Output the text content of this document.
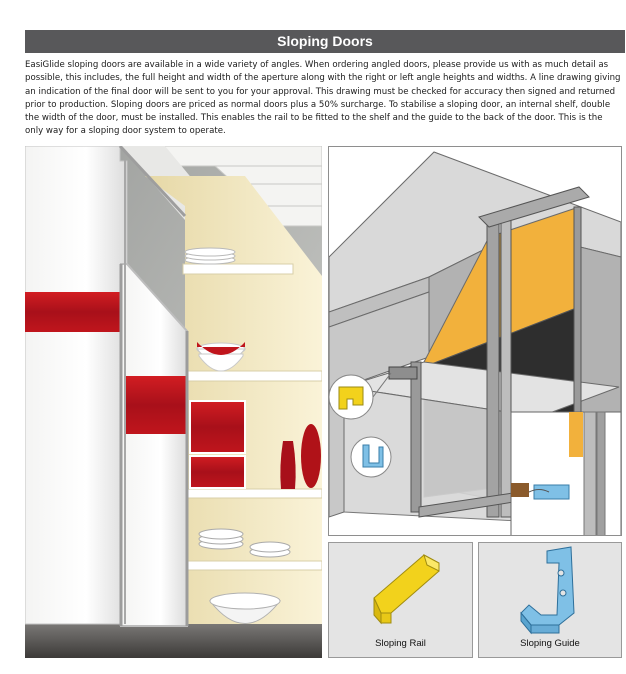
Sloping Doors

EasiGlide sloping doors are available in a wide variety of angles. When ordering angled doors, please provide us with as much detail as possible, this includes, the full height and width of the aperture along with the right or left angle heights and widths. A line drawing giving an indication of the final door will be sent to you for your approval. This drawing must be checked for accuracy then signed and returned prior to production. Sloping doors are priced as normal doors plus a 50% surcharge. To stabilise a sloping door, an internal shelf, double the width of the door, must be installed. This enables the rail to be fitted to the shelf and the guide to the back of the door. This is the only way for a sloping door system to operate.

Sloping Rail	Sloping Guide
